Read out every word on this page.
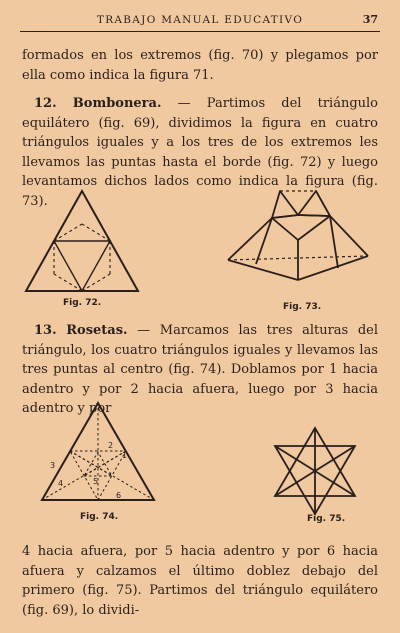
TRABAJO MANUAL EDUCATIVO	37

formados en los extremos (fig. 70) y plegamos por ella como indica la figura 71.

12. Bombonera. — Partimos del triángulo equilátero (fig. 69), dividimos la figura en cuatro triángulos iguales y a los tres de los extremos les llevamos las puntas hasta el borde (fig. 72) y luego levantamos dichos lados como indica la figura (fig. 73).

Fig. 72.	Fig. 73.

13. Rosetas. — Marcamos las tres alturas del triángulo, los cuatro triángulos iguales y llevamos las tres puntas al centro (fig. 74). Doblamos por 1 hacia adentro y por 2 hacia afuera, luego por 3 hacia adentro y por

1
2
3
4	5
6
Fig. 74.	Fig. 75.

4 hacia afuera, por 5 hacia adentro y por 6 hacia afuera y calzamos el último doblez debajo del primero (fig. 75). Partimos del triángulo equilátero (fig. 69), lo dividi-
